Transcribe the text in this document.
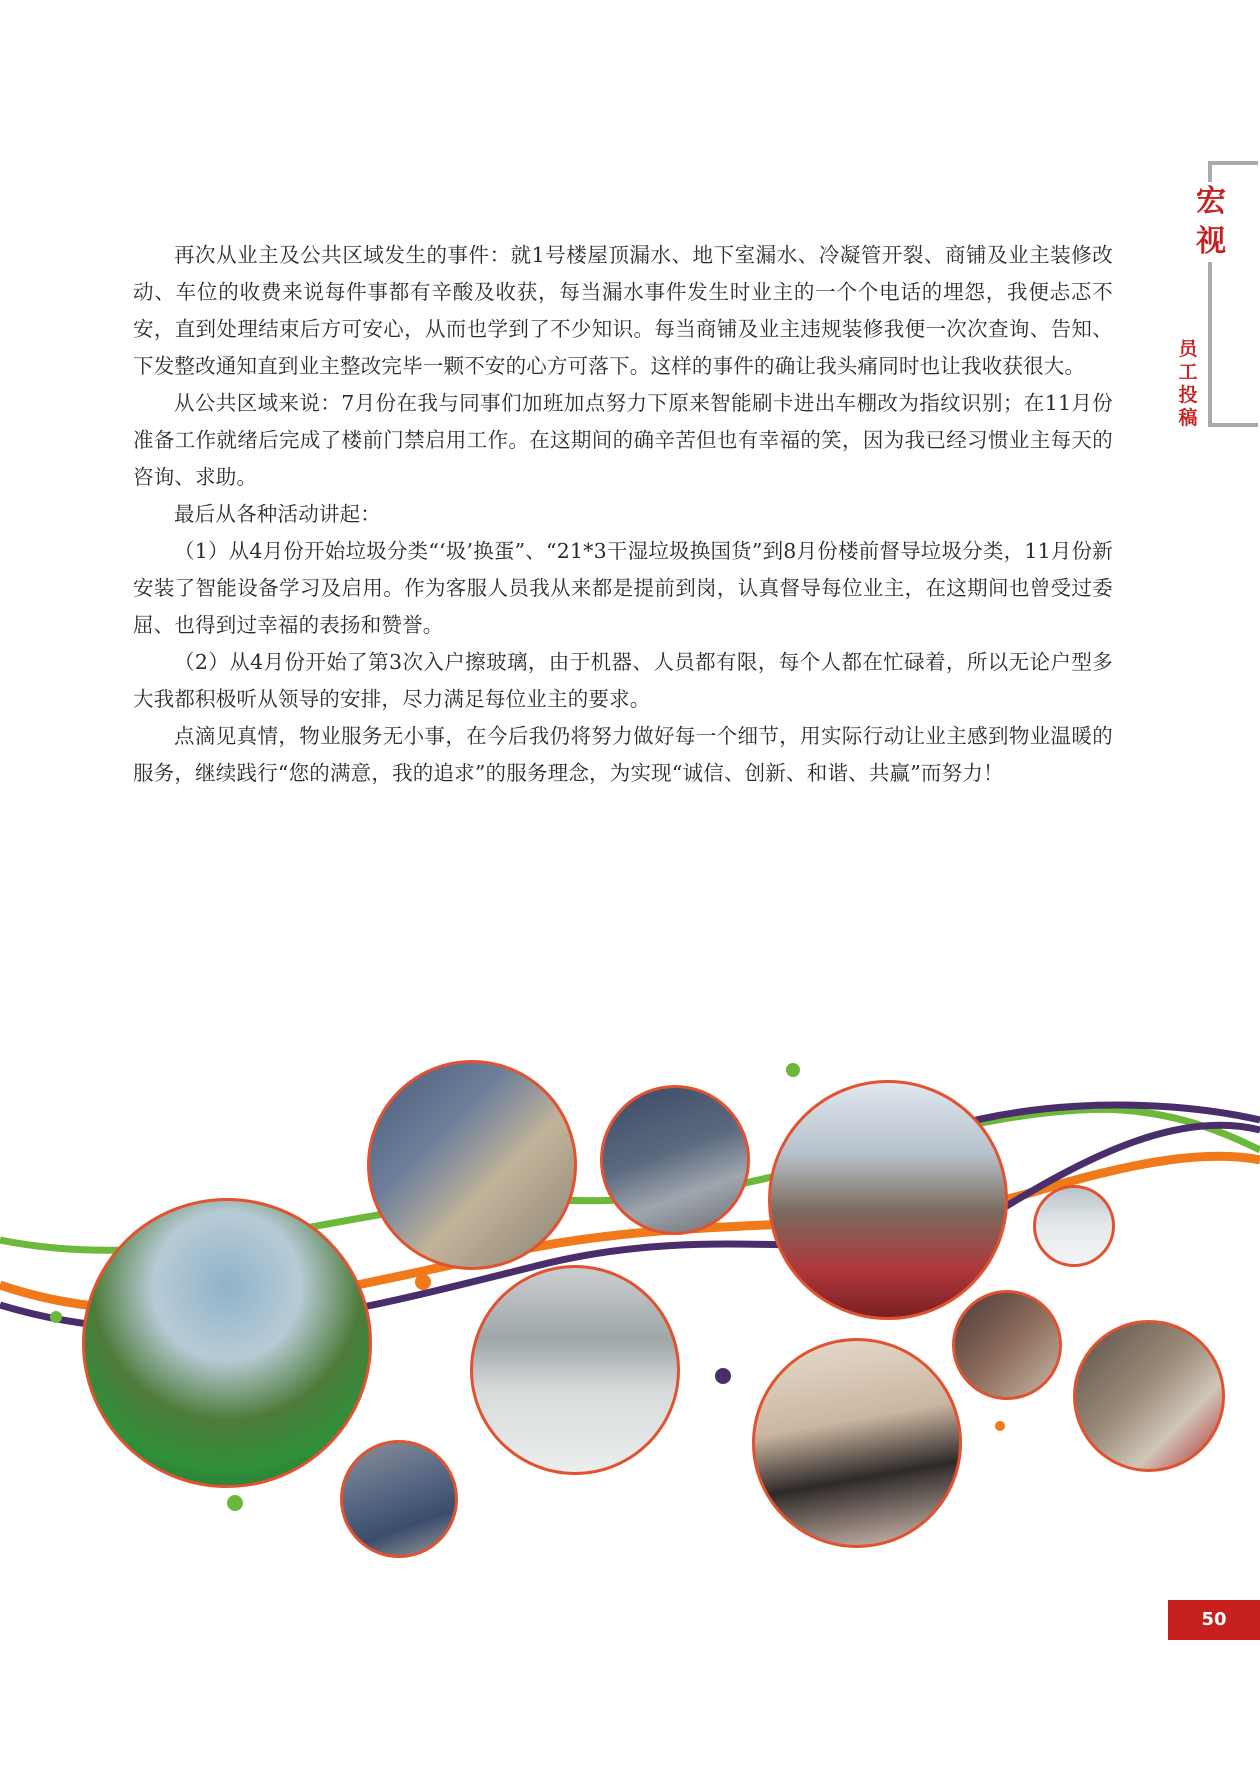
宏
视
员
工
投
稿

再次从业主及公共区域发生的事件：就1号楼屋顶漏水、地下室漏水、冷凝管开裂、商铺及业主装修改动、车位的收费来说每件事都有辛酸及收获，每当漏水事件发生时业主的一个个电话的埋怨，我便忐忑不安，直到处理结束后方可安心，从而也学到了不少知识。每当商铺及业主违规装修我便一次次查询、告知、下发整改通知直到业主整改完毕一颗不安的心方可落下。这样的事件的确让我头痛同时也让我收获很大。

从公共区域来说：7月份在我与同事们加班加点努力下原来智能刷卡进出车棚改为指纹识别；在11月份准备工作就绪后完成了楼前门禁启用工作。在这期间的确辛苦但也有幸福的笑，因为我已经习惯业主每天的咨询、求助。

最后从各种活动讲起：

（1）从4月份开始垃圾分类“‘圾’换蛋”、“21*3干湿垃圾换国货”到8月份楼前督导垃圾分类，11月份新安装了智能设备学习及启用。作为客服人员我从来都是提前到岗，认真督导每位业主，在这期间也曾受过委屈、也得到过幸福的表扬和赞誉。

（2）从4月份开始了第3次入户擦玻璃，由于机器、人员都有限，每个人都在忙碌着，所以无论户型多大我都积极听从领导的安排，尽力满足每位业主的要求。

点滴见真情，物业服务无小事，在今后我仍将努力做好每一个细节，用实际行动让业主感到物业温暖的服务，继续践行“您的满意，我的追求”的服务理念，为实现“诚信、创新、和谐、共赢”而努力！

50
